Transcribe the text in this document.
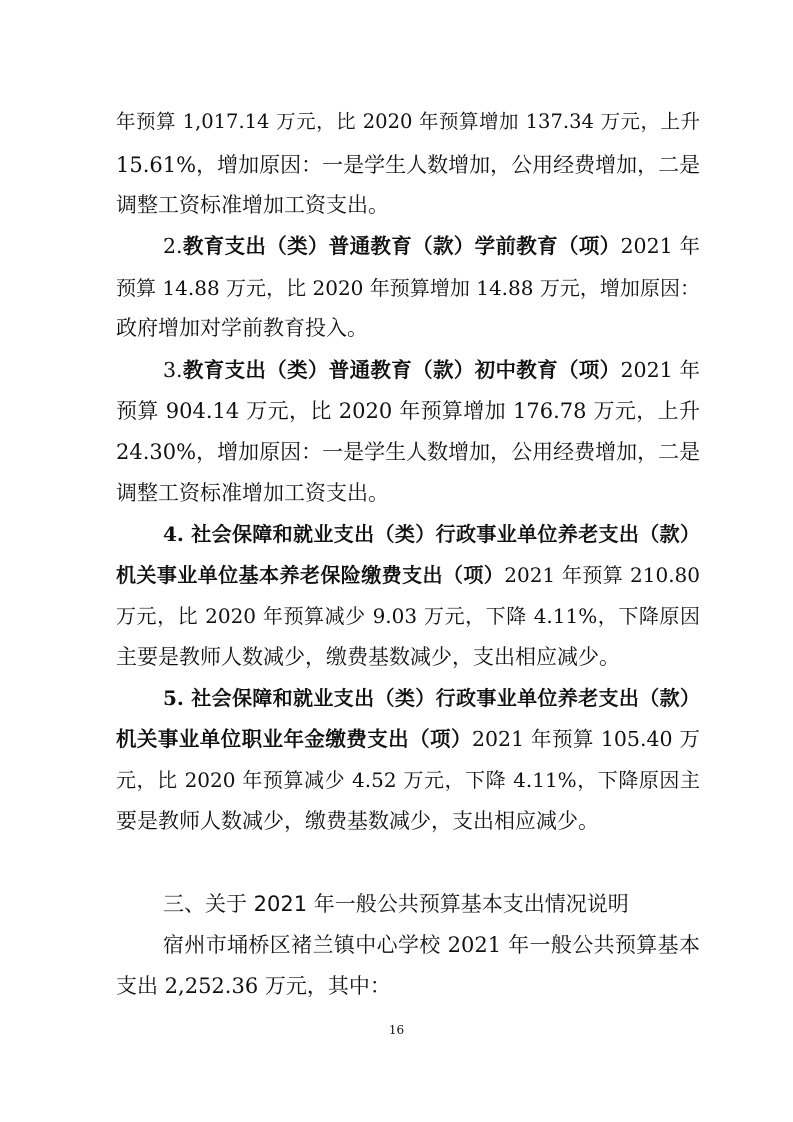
年预算 1,017.14 万元，比 2020 年预算增加 137.34 万元，上升
15.61%，增加原因：一是学生人数增加，公用经费增加，二是
调整工资标准增加工资支出。
2.教育支出（类）普通教育（款）学前教育（项）2021 年
预算 14.88 万元，比 2020 年预算增加 14.88 万元，增加原因：
政府增加对学前教育投入。
3.教育支出（类）普通教育（款）初中教育（项）2021 年
预算 904.14 万元，比 2020 年预算增加 176.78 万元，上升
24.30%，增加原因：一是学生人数增加，公用经费增加，二是
调整工资标准增加工资支出。
4. 社会保障和就业支出（类）行政事业单位养老支出（款）
机关事业单位基本养老保险缴费支出（项）2021 年预算 210.80
万元，比 2020 年预算减少 9.03 万元，下降 4.11%，下降原因
主要是教师人数减少，缴费基数减少，支出相应减少。
5. 社会保障和就业支出（类）行政事业单位养老支出（款）
机关事业单位职业年金缴费支出（项）2021 年预算 105.40 万
元，比 2020 年预算减少 4.52 万元，下降 4.11%，下降原因主
要是教师人数减少，缴费基数减少，支出相应减少。
三、关于 2021 年一般公共预算基本支出情况说明
宿州市埇桥区褚兰镇中心学校 2021 年一般公共预算基本
支出 2,252.36 万元，其中：
16
